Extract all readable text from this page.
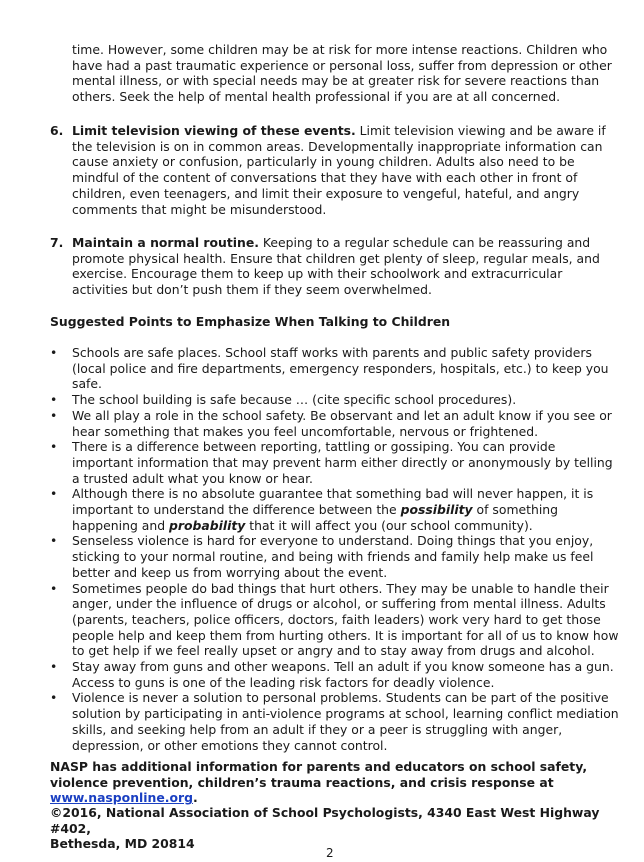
time. However, some children may be at risk for more intense reactions. Children who have had a past traumatic experience or personal loss, suffer from depression or other mental illness, or with special needs may be at greater risk for severe reactions than others. Seek the help of mental health professional if you are at all concerned.

6. Limit television viewing of these events. Limit television viewing and be aware if the television is on in common areas. Developmentally inappropriate information can cause anxiety or confusion, particularly in young children. Adults also need to be mindful of the content of conversations that they have with each other in front of children, even teenagers, and limit their exposure to vengeful, hateful, and angry comments that might be misunderstood.

7. Maintain a normal routine. Keeping to a regular schedule can be reassuring and promote physical health. Ensure that children get plenty of sleep, regular meals, and exercise. Encourage them to keep up with their schoolwork and extracurricular activities but don’t push them if they seem overwhelmed.

Suggested Points to Emphasize When Talking to Children

• Schools are safe places. School staff works with parents and public safety providers (local police and fire departments, emergency responders, hospitals, etc.) to keep you safe.
• The school building is safe because … (cite specific school procedures).
• We all play a role in the school safety. Be observant and let an adult know if you see or hear something that makes you feel uncomfortable, nervous or frightened.
• There is a difference between reporting, tattling or gossiping. You can provide important information that may prevent harm either directly or anonymously by telling a trusted adult what you know or hear.
• Although there is no absolute guarantee that something bad will never happen, it is important to understand the difference between the possibility of something happening and probability that it will affect you (our school community).
• Senseless violence is hard for everyone to understand. Doing things that you enjoy, sticking to your normal routine, and being with friends and family help make us feel better and keep us from worrying about the event.
• Sometimes people do bad things that hurt others. They may be unable to handle their anger, under the influence of drugs or alcohol, or suffering from mental illness. Adults (parents, teachers, police officers, doctors, faith leaders) work very hard to get those people help and keep them from hurting others. It is important for all of us to know how to get help if we feel really upset or angry and to stay away from drugs and alcohol.
• Stay away from guns and other weapons. Tell an adult if you know someone has a gun. Access to guns is one of the leading risk factors for deadly violence.
• Violence is never a solution to personal problems. Students can be part of the positive solution by participating in anti-violence programs at school, learning conflict mediation skills, and seeking help from an adult if they or a peer is struggling with anger, depression, or other emotions they cannot control.

NASP has additional information for parents and educators on school safety, violence prevention, children’s trauma reactions, and crisis response at www.nasponline.org.

©2016, National Association of School Psychologists, 4340 East West Highway #402,
Bethesda, MD 20814

2
